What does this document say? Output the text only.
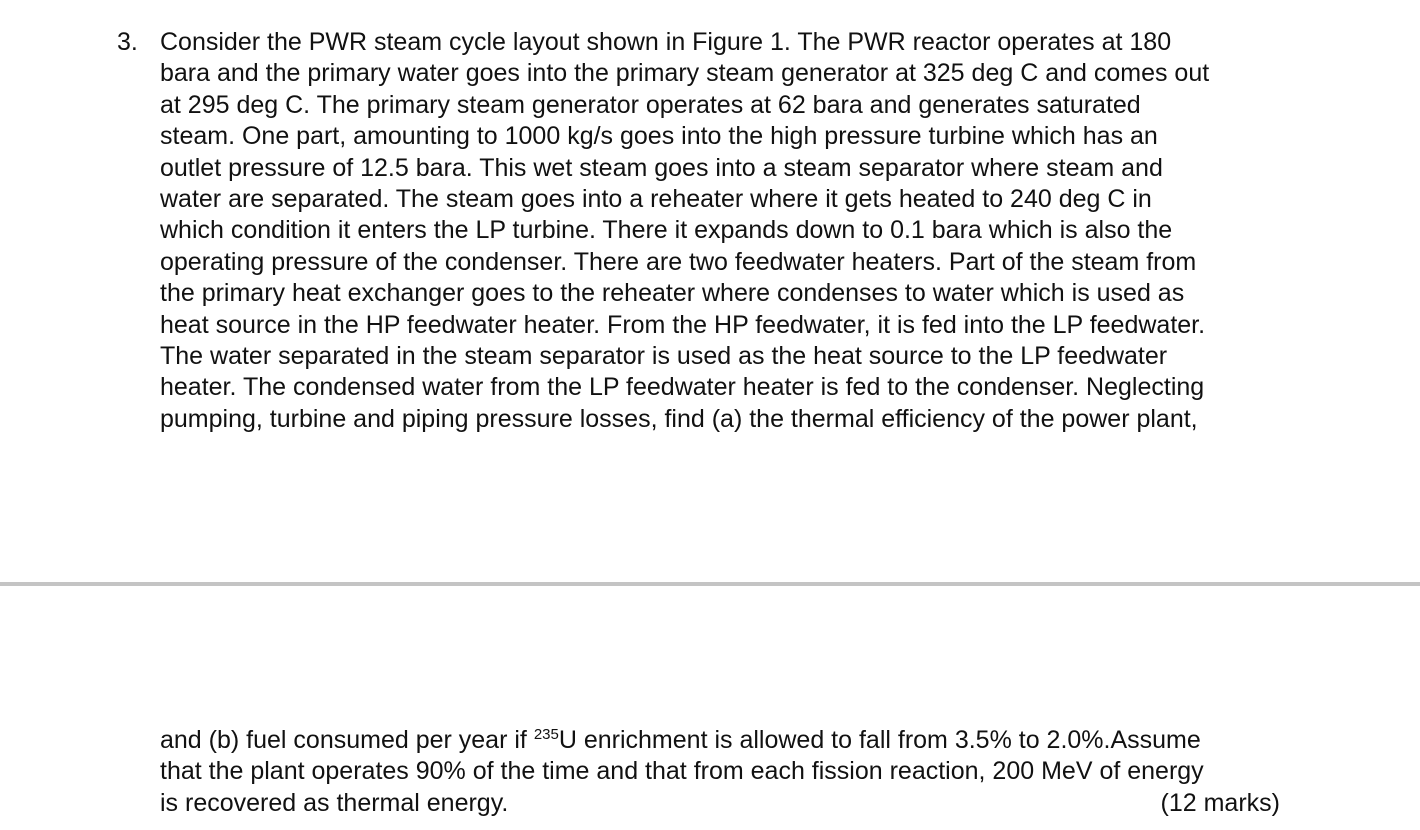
3. Consider the PWR steam cycle layout shown in Figure 1. The PWR reactor operates at 180
bara and the primary water goes into the primary steam generator at 325 deg C and comes out
at 295 deg C. The primary steam generator operates at 62 bara and generates saturated
steam. One part, amounting to 1000 kg/s goes into the high pressure turbine which has an
outlet pressure of 12.5 bara. This wet steam goes into a steam separator where steam and
water are separated. The steam goes into a reheater where it gets heated to 240 deg C in
which condition it enters the LP turbine. There it expands down to 0.1 bara which is also the
operating pressure of the condenser. There are two feedwater heaters. Part of the steam from
the primary heat exchanger goes to the reheater where condenses to water which is used as
heat source in the HP feedwater heater. From the HP feedwater, it is fed into the LP feedwater.
The water separated in the steam separator is used as the heat source to the LP feedwater
heater. The condensed water from the LP feedwater heater is fed to the condenser. Neglecting
pumping, turbine and piping pressure losses, find (a) the thermal efficiency of the power plant,
and (b) fuel consumed per year if $^{235}$U enrichment is allowed to fall from 3.5% to 2.0%.Assume
that the plant operates 90% of the time and that from each fission reaction, 200 MeV of energy
is recovered as thermal energy.	(12 marks)
